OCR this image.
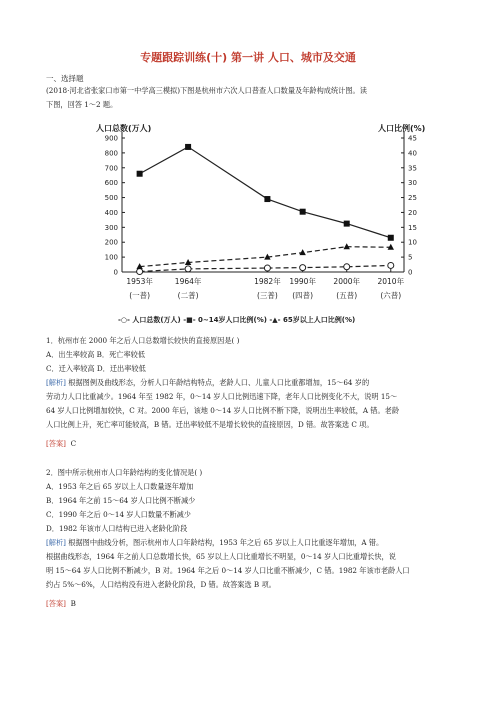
专题跟踪训练(十) 第一讲 人口、城市及交通
一、选择题
(2018·河北省张家口市第一中学高三模拟)下图是杭州市六次人口普查人口数量及年龄构成统计图。读
下图，回答 1～2 题。
人口总数(万人)	人口比例(%)
0
100
200
300
400
500
600
700
800
900
0
5
10
15
20
25
30
35
40
45
1953年
(一普)
1964年
(二普)
1982年
(三普)
1990年
(四普)
2000年
(五普)
2010年
(六普)
-○- 人口总数(万人) -■- 0~14岁人口比例(%) -▲- 65岁以上人口比例(%)
1．杭州市在 2000 年之后人口总数增长较快的直接原因是( )
A．出生率较高 B．死亡率较低
C．迁入率较高 D．迁出率较低
[解析] 根据图例及曲线形态，分析人口年龄结构特点，老龄人口、儿童人口比重都增加，15～64 岁的
劳动力人口比重减少。1964 年至 1982 年，0～14 岁人口比例迅速下降，老年人口比例变化不大，说明 15～
64 岁人口比例增加较快，C 对。2000 年后，该地 0～14 岁人口比例不断下降，说明出生率较低，A 错。老龄
人口比例上升，死亡率可能较高，B 错。迁出率较低不是增长较快的直接原因，D 错。故答案选 C 项。
[答案] C
2．图中所示杭州市人口年龄结构的变化情况是( )
A．1953 年之后 65 岁以上人口数量逐年增加
B．1964 年之前 15～64 岁人口比例不断减少
C．1990 年之后 0～14 岁人口数量不断减少
D．1982 年该市人口结构已进入老龄化阶段
[解析] 根据图中曲线分析，图示杭州市人口年龄结构，1953 年之后 65 岁以上人口比重逐年增加，A 错。
根据曲线形态，1964 年之前人口总数增长快，65 岁以上人口比重增长不明显，0～14 岁人口比重增长快，说
明 15～64 岁人口比例不断减少，B 对。1964 年之后 0～14 岁人口比重不断减少，C 错。1982 年该市老龄人口
约占 5%～6%，人口结构没有进入老龄化阶段，D 错。故答案选 B 项。
[答案] B
